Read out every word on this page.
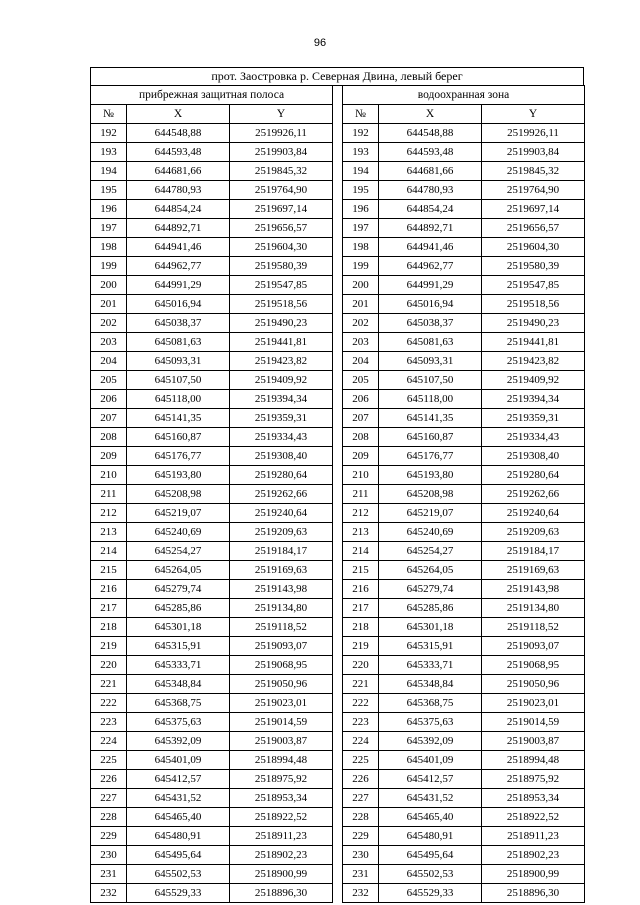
96
прот. Заостровка р. Северная Двина, левый берег
прибрежная защитная полоса		
№	X	Y
192	644548,88	2519926,11
193	644593,48	2519903,84
194	644681,66	2519845,32
195	644780,93	2519764,90
196	644854,24	2519697,14
197	644892,71	2519656,57
198	644941,46	2519604,30
199	644962,77	2519580,39
200	644991,29	2519547,85
201	645016,94	2519518,56
202	645038,37	2519490,23
203	645081,63	2519441,81
204	645093,31	2519423,82
205	645107,50	2519409,92
206	645118,00	2519394,34
207	645141,35	2519359,31
208	645160,87	2519334,43
209	645176,77	2519308,40
210	645193,80	2519280,64
211	645208,98	2519262,66
212	645219,07	2519240,64
213	645240,69	2519209,63
214	645254,27	2519184,17
215	645264,05	2519169,63
216	645279,74	2519143,98
217	645285,86	2519134,80
218	645301,18	2519118,52
219	645315,91	2519093,07
220	645333,71	2519068,95
221	645348,84	2519050,96
222	645368,75	2519023,01
223	645375,63	2519014,59
224	645392,09	2519003,87
225	645401,09	2518994,48
226	645412,57	2518975,92
227	645431,52	2518953,34
228	645465,40	2518922,52
229	645480,91	2518911,23
230	645495,64	2518902,23
231	645502,53	2518900,99
232	645529,33	2518896,30
водоохранная зона		
№	X	Y
192	644548,88	2519926,11
193	644593,48	2519903,84
194	644681,66	2519845,32
195	644780,93	2519764,90
196	644854,24	2519697,14
197	644892,71	2519656,57
198	644941,46	2519604,30
199	644962,77	2519580,39
200	644991,29	2519547,85
201	645016,94	2519518,56
202	645038,37	2519490,23
203	645081,63	2519441,81
204	645093,31	2519423,82
205	645107,50	2519409,92
206	645118,00	2519394,34
207	645141,35	2519359,31
208	645160,87	2519334,43
209	645176,77	2519308,40
210	645193,80	2519280,64
211	645208,98	2519262,66
212	645219,07	2519240,64
213	645240,69	2519209,63
214	645254,27	2519184,17
215	645264,05	2519169,63
216	645279,74	2519143,98
217	645285,86	2519134,80
218	645301,18	2519118,52
219	645315,91	2519093,07
220	645333,71	2519068,95
221	645348,84	2519050,96
222	645368,75	2519023,01
223	645375,63	2519014,59
224	645392,09	2519003,87
225	645401,09	2518994,48
226	645412,57	2518975,92
227	645431,52	2518953,34
228	645465,40	2518922,52
229	645480,91	2518911,23
230	645495,64	2518902,23
231	645502,53	2518900,99
232	645529,33	2518896,30
